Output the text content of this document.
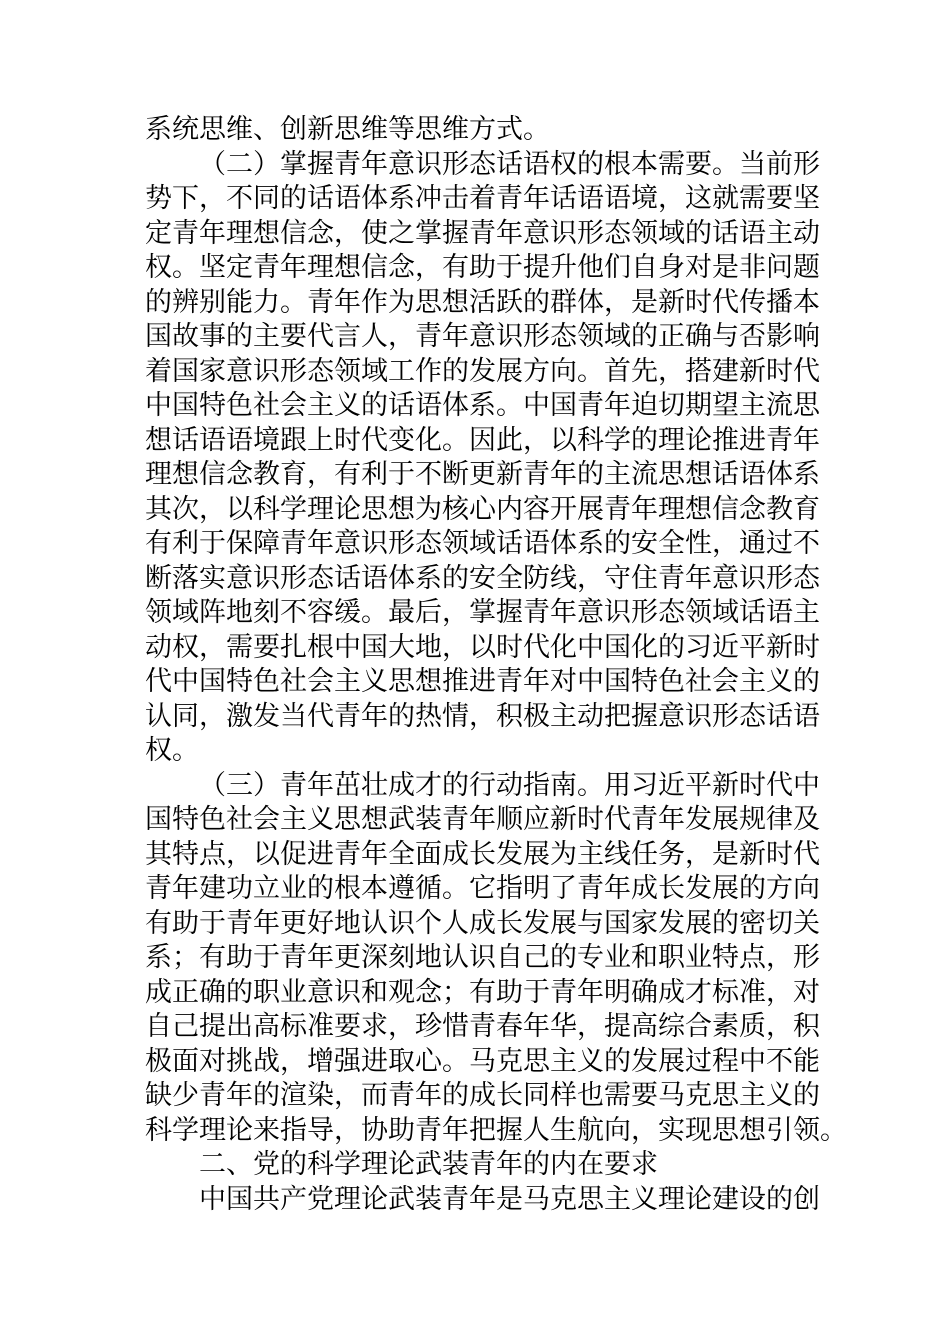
系统思维、创新思维等思维方式。
（二）掌握青年意识形态话语权的根本需要。当前形
势下，不同的话语体系冲击着青年话语语境，这就需要坚
定青年理想信念，使之掌握青年意识形态领域的话语主动
权。坚定青年理想信念，有助于提升他们自身对是非问题
的辨别能力。青年作为思想活跃的群体，是新时代传播本
国故事的主要代言人，青年意识形态领域的正确与否影响
着国家意识形态领域工作的发展方向。首先，搭建新时代
中国特色社会主义的话语体系。中国青年迫切期望主流思
想话语语境跟上时代变化。因此，以科学的理论推进青年
理想信念教育，有利于不断更新青年的主流思想话语体系
其次，以科学理论思想为核心内容开展青年理想信念教育
有利于保障青年意识形态领域话语体系的安全性，通过不
断落实意识形态话语体系的安全防线，守住青年意识形态
领域阵地刻不容缓。最后，掌握青年意识形态领域话语主
动权，需要扎根中国大地，以时代化中国化的习近平新时
代中国特色社会主义思想推进青年对中国特色社会主义的
认同，激发当代青年的热情，积极主动把握意识形态话语
权。
（三）青年茁壮成才的行动指南。用习近平新时代中
国特色社会主义思想武装青年顺应新时代青年发展规律及
其特点，以促进青年全面成长发展为主线任务，是新时代
青年建功立业的根本遵循。它指明了青年成长发展的方向
有助于青年更好地认识个人成长发展与国家发展的密切关
系；有助于青年更深刻地认识自己的专业和职业特点，形
成正确的职业意识和观念；有助于青年明确成才标准，对
自己提出高标准要求，珍惜青春年华，提高综合素质，积
极面对挑战，增强进取心。马克思主义的发展过程中不能
缺少青年的渲染，而青年的成长同样也需要马克思主义的
科学理论来指导，协助青年把握人生航向，实现思想引领。
二、党的科学理论武装青年的内在要求
中国共产党理论武装青年是马克思主义理论建设的创
